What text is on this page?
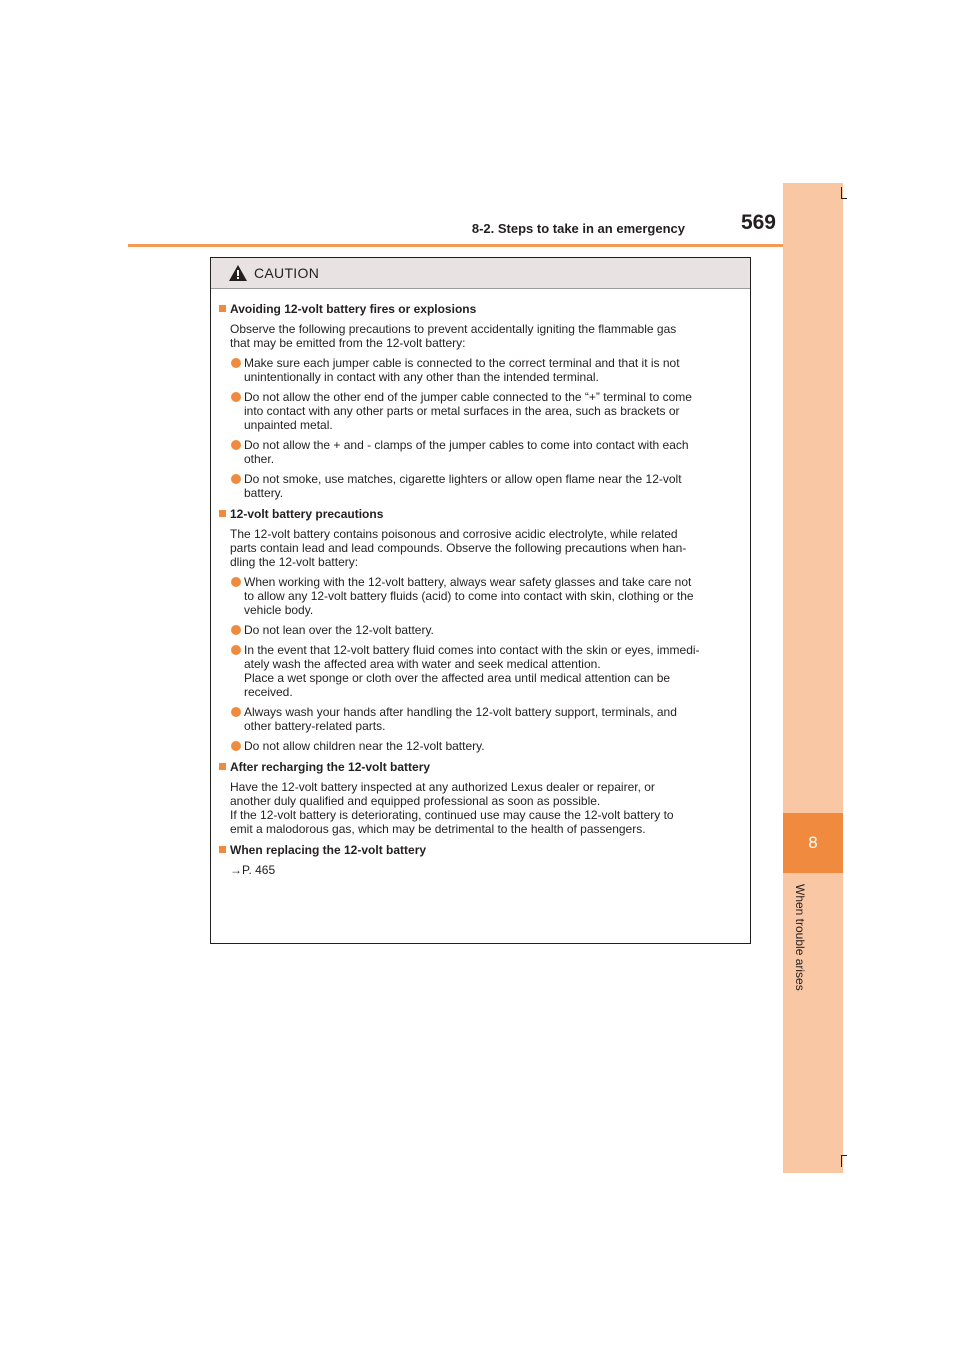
8-2. Steps to take in an emergency	569
8
When trouble arises
CAUTION
Avoiding 12-volt battery fires or explosions
Observe the following precautions to prevent accidentally igniting the flammable gas
that may be emitted from the 12-volt battery:
Make sure each jumper cable is connected to the correct terminal and that it is not
unintentionally in contact with any other than the intended terminal.
Do not allow the other end of the jumper cable connected to the “+” terminal to come
into contact with any other parts or metal surfaces in the area, such as brackets or
unpainted metal.
Do not allow the + and - clamps of the jumper cables to come into contact with each
other.
Do not smoke, use matches, cigarette lighters or allow open flame near the 12-volt
battery.
12-volt battery precautions
The 12-volt battery contains poisonous and corrosive acidic electrolyte, while related
parts contain lead and lead compounds. Observe the following precautions when han-
dling the 12-volt battery:
When working with the 12-volt battery, always wear safety glasses and take care not
to allow any 12-volt battery fluids (acid) to come into contact with skin, clothing or the
vehicle body.
Do not lean over the 12-volt battery.
In the event that 12-volt battery fluid comes into contact with the skin or eyes, immedi-
ately wash the affected area with water and seek medical attention.
Place a wet sponge or cloth over the affected area until medical attention can be
received.
Always wash your hands after handling the 12-volt battery support, terminals, and
other battery-related parts.
Do not allow children near the 12-volt battery.
After recharging the 12-volt battery
Have the 12-volt battery inspected at any authorized Lexus dealer or repairer, or
another duly qualified and equipped professional as soon as possible.
If the 12-volt battery is deteriorating, continued use may cause the 12-volt battery to
emit a malodorous gas, which may be detrimental to the health of passengers.
When replacing the 12-volt battery
→P. 465
